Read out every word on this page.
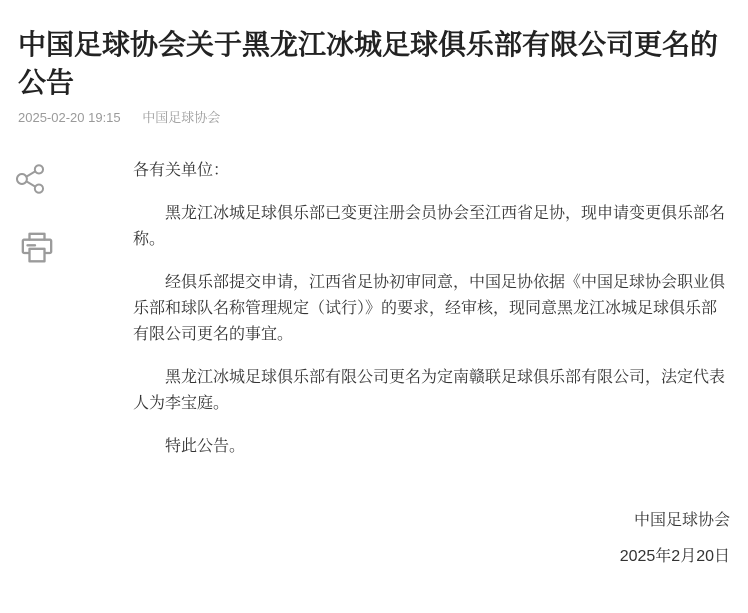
中国足球协会关于黑龙江冰城足球俱乐部有限公司更名的公告
2025-02-20 19:15 中国足球协会

各有关单位：

黑龙江冰城足球俱乐部已变更注册会员协会至江西省足协，现申请变更俱乐部名称。

经俱乐部提交申请，江西省足协初审同意，中国足协依据《中国足球协会职业俱乐部和球队名称管理规定（试行）》的要求，经审核，现同意黑龙江冰城足球俱乐部有限公司更名的事宜。

黑龙江冰城足球俱乐部有限公司更名为定南赣联足球俱乐部有限公司，法定代表人为李宝庭。

特此公告。

中国足球协会

2025年2月20日
